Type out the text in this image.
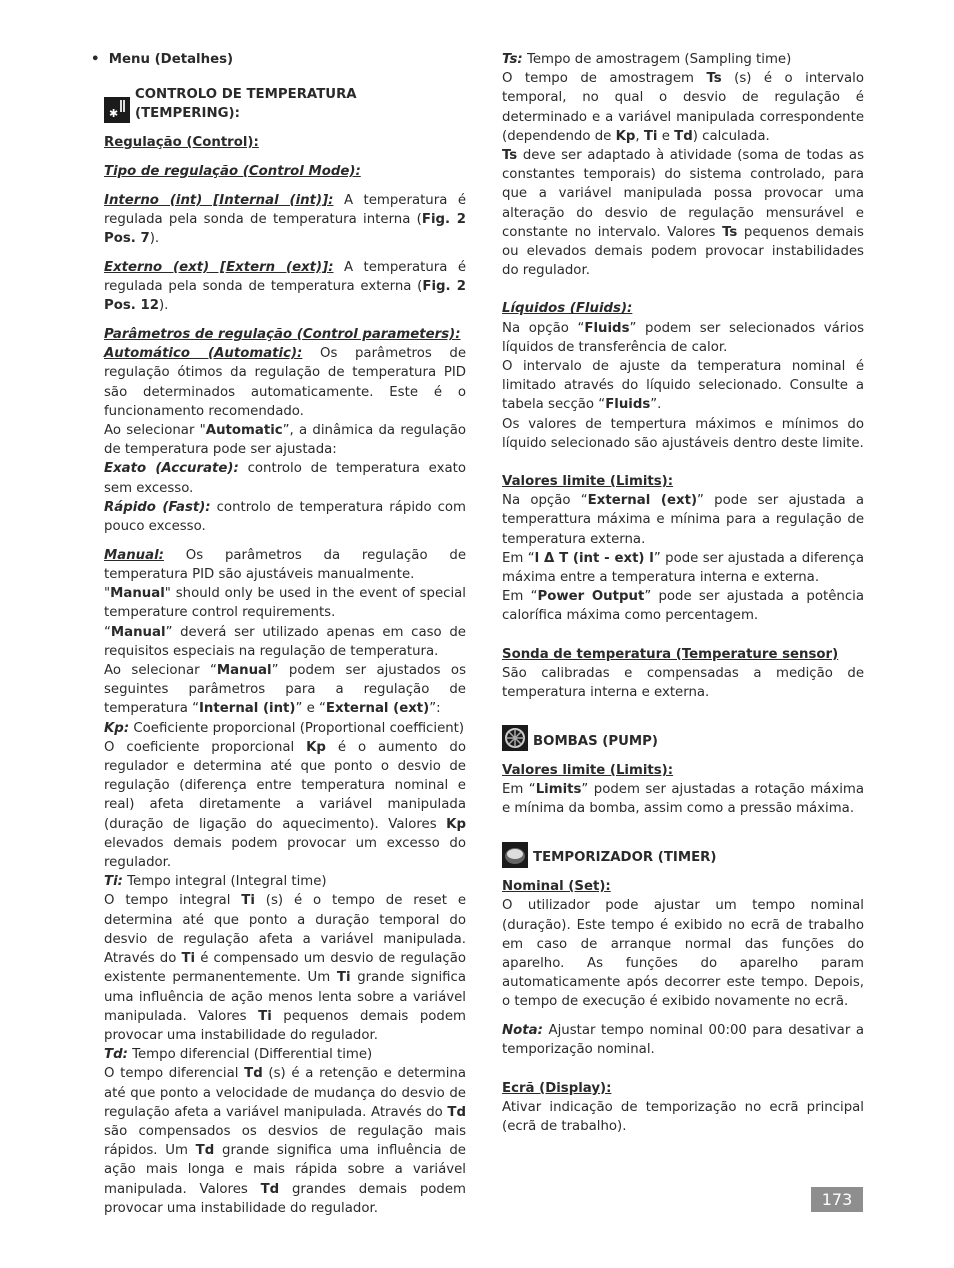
•  Menu (Detalhes)
✱
CONTROLO DE TEMPERATURA (TEMPERING):

Regulação (Control):

Tipo de regulação (Control Mode):

Interno (int) [Internal (int)]: A temperatura é regulada pela sonda de temperatura interna (Fig. 2 Pos. 7).

Externo (ext) [Extern (ext)]: A temperatura é regulada pela sonda de temperatura externa (Fig. 2 Pos. 12).

Parâmetros de regulação (Control parameters):

Automático (Automatic): Os parâmetros de regulação ótimos da regulação de temperatura PID são determinados automaticamente. Este é o funcionamento recomendado.

Ao selecionar "Automatic”, a dinâmica da regulação de temperatura pode ser ajustada:

Exato (Accurate): controlo de temperatura exato sem excesso.

Rápido (Fast): controlo de temperatura rápido com pouco excesso.

Manual: Os parâmetros da regulação de temperatura PID são ajustáveis manualmente.

"Manual" should only be used in the event of special temperature control requirements.

“Manual” deverá ser utilizado apenas em caso de requisitos especiais na regulação de temperatura.

Ao selecionar “Manual” podem ser ajustados os seguintes parâmetros para a regulação de temperatura “Internal (int)” e “External (ext)”:

Kp: Coeficiente proporcional (Proportional coefficient)

O coeficiente proporcional Kp é o aumento do regulador e determina até que ponto o desvio de regulação (diferença entre temperatura nominal e real) afeta diretamente a variável manipulada (duração de ligação do aquecimento). Valores Kp elevados demais podem provocar um excesso do regulador.

Ti: Tempo integral (Integral time)

O tempo integral Ti (s) é o tempo de reset e determina até que ponto a duração temporal do desvio de regulação afeta a variável manipulada. Através do Ti é compensado um desvio de regulação existente permanentemente. Um Ti grande significa uma influência de ação menos lenta sobre a variável manipulada. Valores Ti pequenos demais podem provocar uma instabilidade do regulador.

Td: Tempo diferencial (Differential time)

O tempo diferencial Td (s) é a retenção e determina até que ponto a velocidade de mudança do desvio de regulação afeta a variável manipulada. Através do Td são compensados os desvios de regulação mais rápidos. Um Td grande significa uma influência de ação mais longa e mais rápida sobre a variável manipulada. Valores Td grandes demais podem provocar uma instabilidade do regulador.

Ts: Tempo de amostragem (Sampling time)

O tempo de amostragem Ts (s) é o intervalo temporal, no qual o desvio de regulação é determinado e a variável manipulada correspondente (dependendo de Kp, Ti e Td) calculada.

Ts deve ser adaptado à atividade (soma de todas as constantes temporais) do sistema controlado, para que a variável manipulada possa provocar uma alteração do desvio de regulação mensurável e constante no intervalo. Valores Ts pequenos demais ou elevados demais podem provocar instabilidades do regulador.

Líquidos (Fluids):

Na opção “Fluids” podem ser selecionados vários líquidos de transferência de calor.

O intervalo de ajuste da temperatura nominal é limitado através do líquido selecionado. Consulte a tabela secção “Fluids”.

Os valores de tempertura máximos e mínimos do líquido selecionado são ajustáveis dentro deste limite.

Valores limite (Limits):

Na opção “External (ext)” pode ser ajustada a temperattura máxima e mínima para a regulação de temperatura externa.

Em “l Δ T (int - ext) l” pode ser ajustada a diferença máxima entre a temperatura interna e externa.

Em “Power Output” pode ser ajustada a potência calorífica máxima como percentagem.

Sonda de temperatura (Temperature sensor)

São calibradas e compensadas a medição de temperatura interna e externa.

BOMBAS (PUMP)

Valores limite (Limits):

Em “Limits” podem ser ajustadas a rotação máxima e mínima da bomba, assim como a pressão máxima.

TEMPORIZADOR (TIMER)

Nominal (Set):

O utilizador pode ajustar um tempo nominal (duração). Este tempo é exibido no ecrã de trabalho em caso de arranque normal das funções do aparelho. As funções do aparelho param automaticamente após decorrer este tempo. Depois, o tempo de execução é exibido novamente no ecrã.

Nota: Ajustar tempo nominal 00:00 para desativar a temporização nominal.

Ecrã (Display):

Ativar indicação de temporização no ecrã principal (ecrã de trabalho).

173
